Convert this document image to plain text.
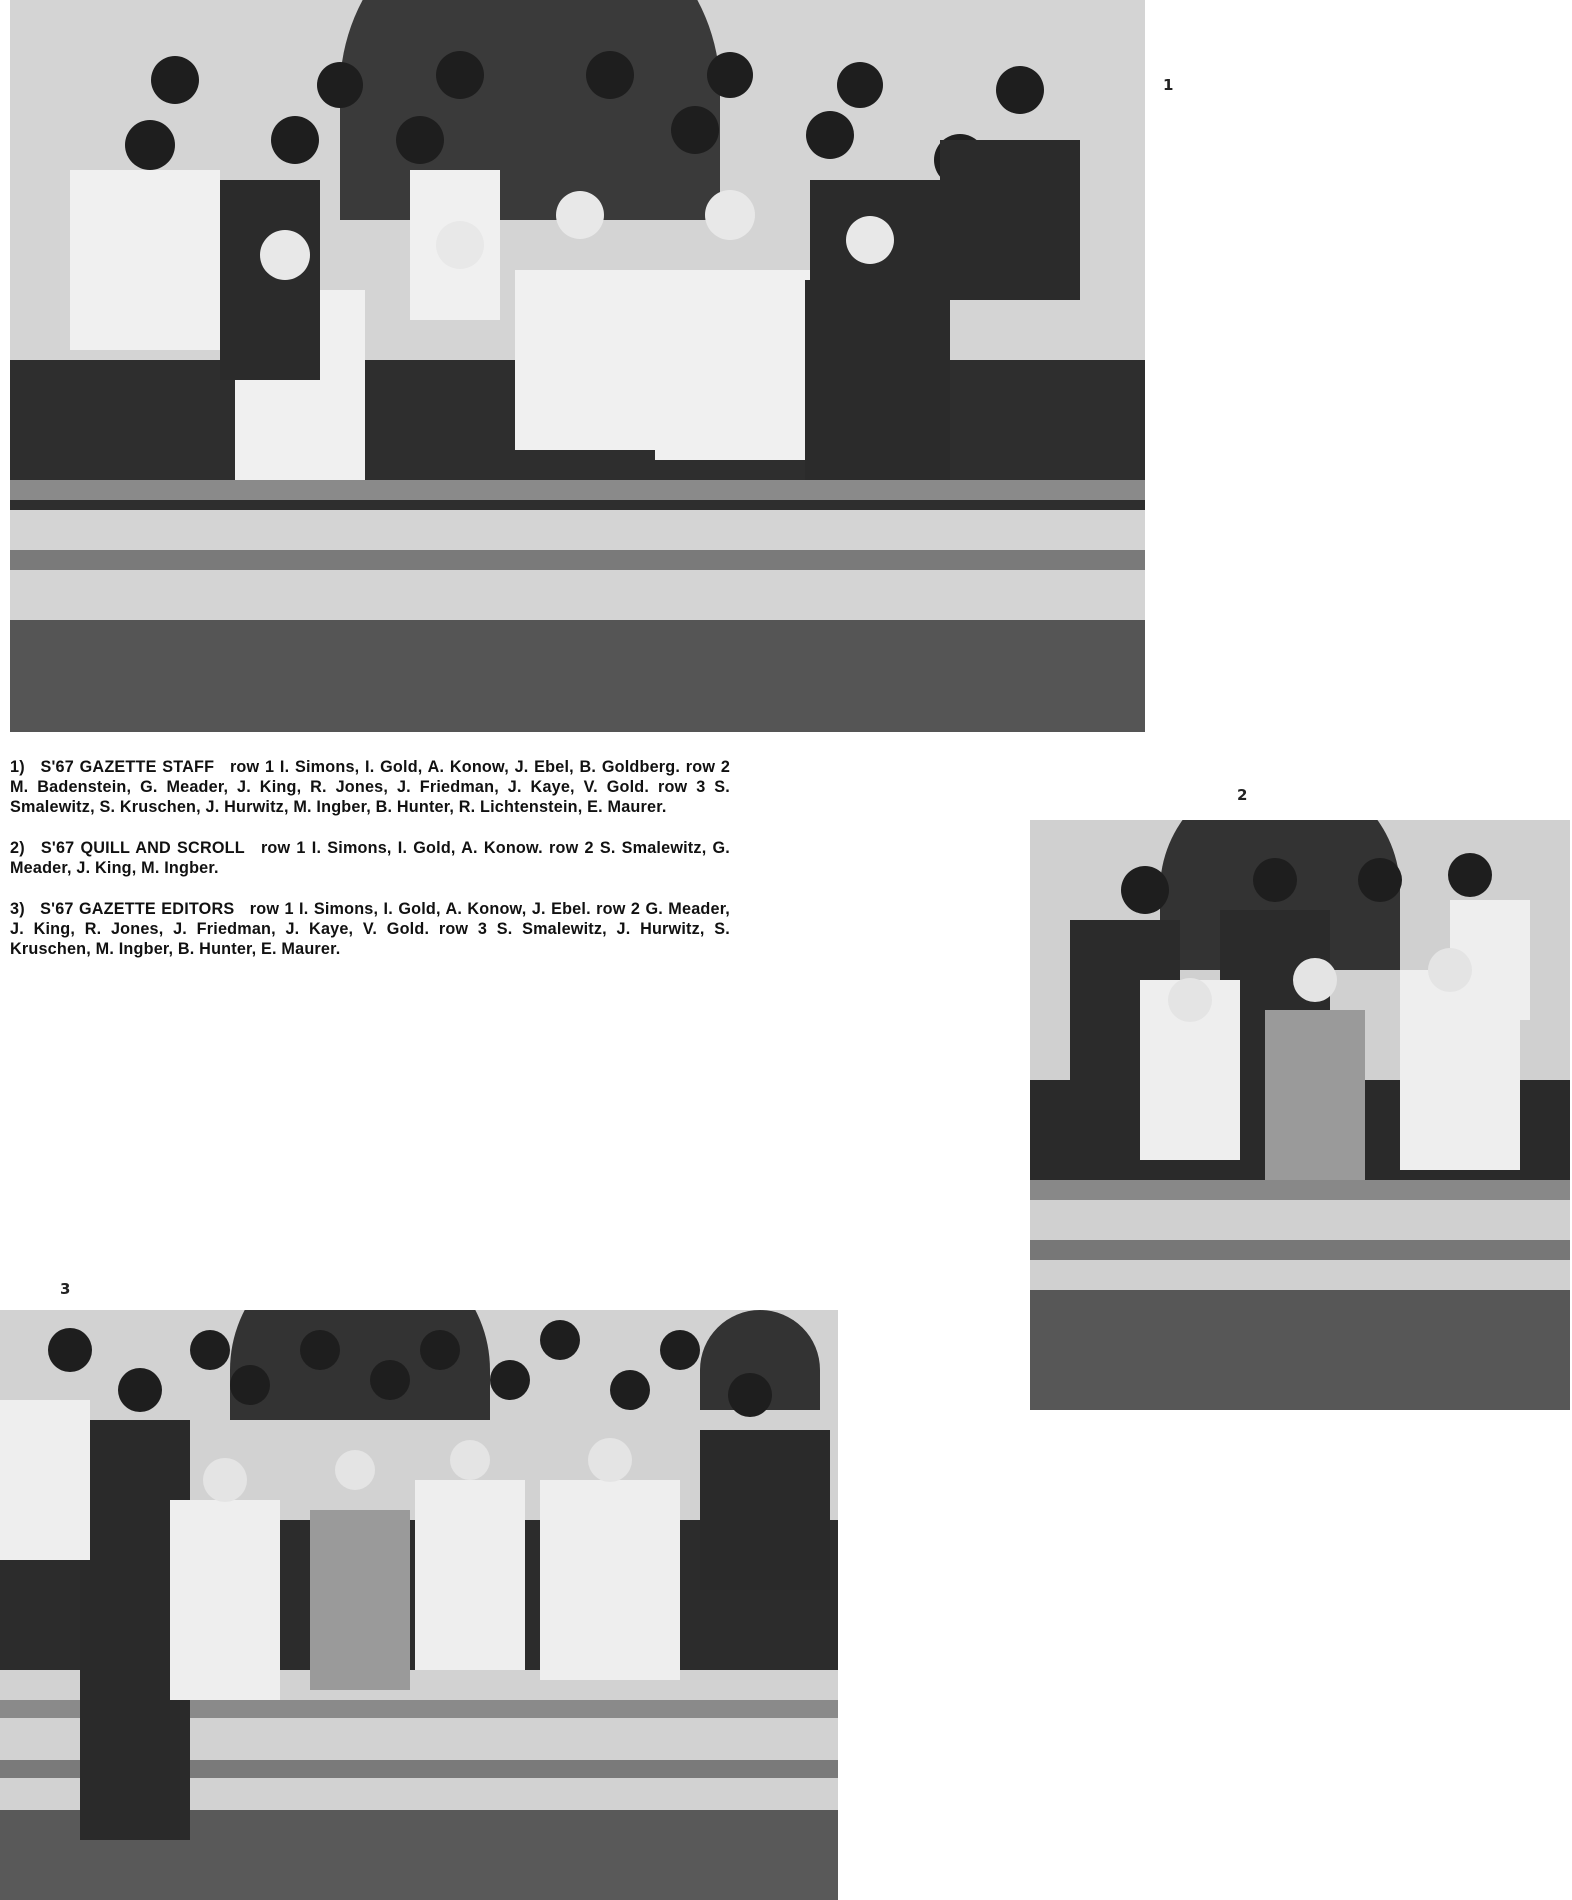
1

1) S'67 GAZETTE STAFF row 1 I. Simons, I. Gold, A. Konow, J. Ebel, B. Goldberg. row 2 M. Badenstein, G. Meader, J. King, R. Jones, J. Friedman, J. Kaye, V. Gold. row 3 S. Smalewitz, S. Kruschen, J. Hurwitz, M. Ingber, B. Hunter, R. Lichtenstein, E. Maurer.

2) S'67 QUILL AND SCROLL row 1 I. Simons, I. Gold, A. Konow. row 2 S. Smalewitz, G. Meader, J. King, M. Ingber.

3) S'67 GAZETTE EDITORS row 1 I. Simons, I. Gold, A. Konow, J. Ebel. row 2 G. Meader, J. King, R. Jones, J. Friedman, J. Kaye, V. Gold. row 3 S. Smalewitz, J. Hurwitz, S. Kruschen, M. Ingber, B. Hunter, E. Maurer.

2
3
